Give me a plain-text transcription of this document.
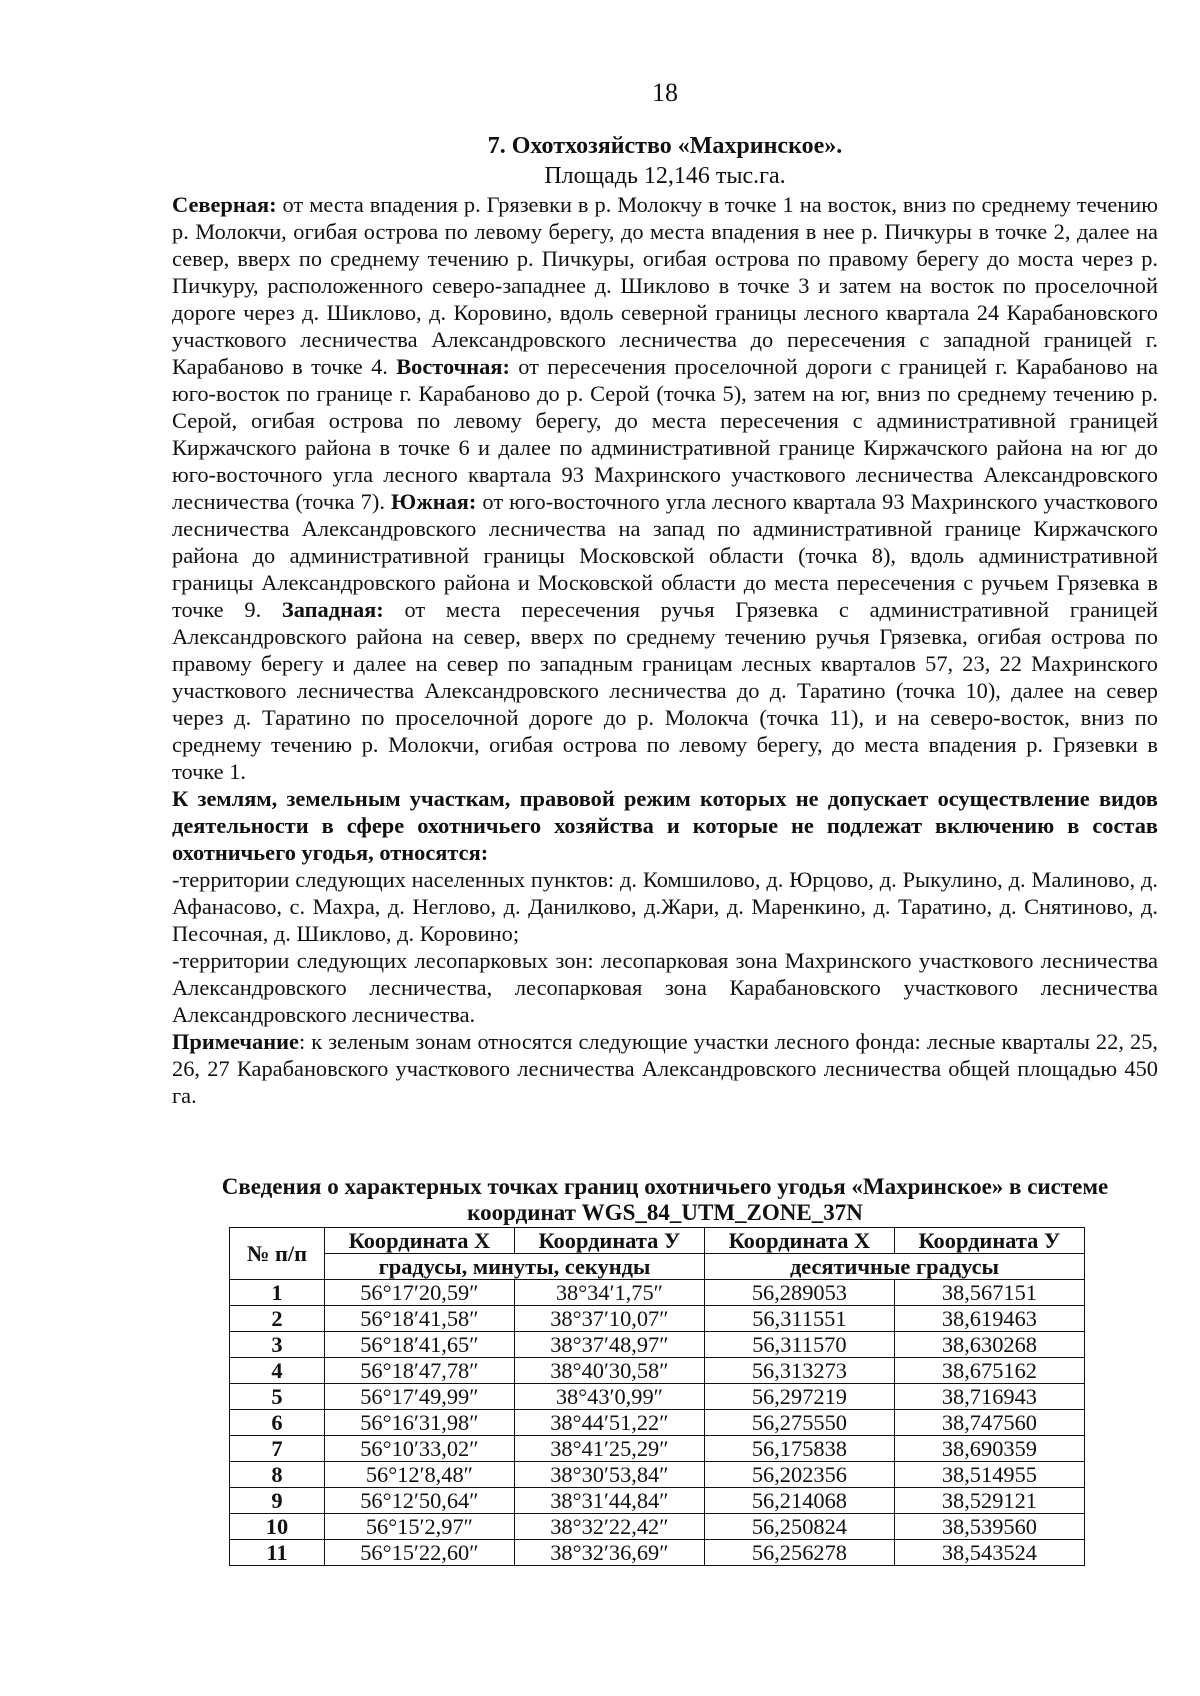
18
7. Охотхозяйство «Махринское».
Площадь 12,146 тыс.га.

Северная: от места впадения р. Грязевки в р. Молокчу в точке 1 на восток, вниз по среднему течению р. Молокчи, огибая острова по левому берегу, до места впадения в нее р. Пичкуры в точке 2, далее на север, вверх по среднему течению р. Пичкуры, огибая острова по правому берегу до моста через р. Пичкуру, расположенного северо-западнее д. Шиклово в точке 3 и затем на восток по проселочной дороге через д. Шиклово, д. Коровино, вдоль северной границы лесного квартала 24 Карабановского участкового лесничества Александровского лесничества до пересечения с западной границей г. Карабаново в точке 4. Восточная: от пересечения проселочной дороги с границей г. Карабаново на юго-восток по границе г. Карабаново до р. Серой (точка 5), затем на юг, вниз по среднему течению р. Серой, огибая острова по левому берегу, до места пересечения с административной границей Киржачского района в точке 6 и далее по административной границе Киржачского района на юг до юго-восточного угла лесного квартала 93 Махринского участкового лесничества Александровского лесничества (точка 7). Южная: от юго-восточного угла лесного квартала 93 Махринского участкового лесничества Александровского лесничества на запад по административной границе Киржачского района до административной границы Московской области (точка 8), вдоль административной границы Александровского района и Московской области до места пересечения с ручьем Грязевка в точке 9. Западная: от места пересечения ручья Грязевка с административной границей Александровского района на север, вверх по среднему течению ручья Грязевка, огибая острова по правому берегу и далее на север по западным границам лесных кварталов 57, 23, 22 Махринского участкового лесничества Александровского лесничества до д. Таратино (точка 10), далее на север через д. Таратино по проселочной дороге до р. Молокча (точка 11), и на северо-восток, вниз по среднему течению р. Молокчи, огибая острова по левому берегу, до места впадения р. Грязевки в точке 1.

К землям, земельным участкам, правовой режим которых не допускает осуществление видов деятельности в сфере охотничьего хозяйства и которые не подлежат включению в состав охотничьего угодья, относятся:

-территории следующих населенных пунктов: д. Комшилово, д. Юрцово, д. Рыкулино, д. Малиново, д. Афанасово, с. Махра, д. Неглово, д. Данилково, д.Жари, д. Маренкино, д. Таратино, д. Снятиново, д. Песочная, д. Шиклово, д. Коровино;

-территории следующих лесопарковых зон: лесопарковая зона Махринского участкового лесничества Александровского лесничества, лесопарковая зона Карабановского участкового лесничества Александровского лесничества.

Примечание: к зеленым зонам относятся следующие участки лесного фонда: лесные кварталы 22, 25, 26, 27 Карабановского участкового лесничества Александровского лесничества общей площадью 450 га.

Сведения о характерных точках границ охотничьего угодья «Махринское» в системе
координат WGS_84_UTM_ZONE_37N
№ п/п	Координата X	Координата У	Координата X	Координата У
	градусы, минуты, секунды		десятичные градусы	
1	56°17′20,59″	38°34′1,75″	56,289053	38,567151
2	56°18′41,58″	38°37′10,07″	56,311551	38,619463
3	56°18′41,65″	38°37′48,97″	56,311570	38,630268
4	56°18′47,78″	38°40′30,58″	56,313273	38,675162
5	56°17′49,99″	38°43′0,99″	56,297219	38,716943
6	56°16′31,98″	38°44′51,22″	56,275550	38,747560
7	56°10′33,02″	38°41′25,29″	56,175838	38,690359
8	56°12′8,48″	38°30′53,84″	56,202356	38,514955
9	56°12′50,64″	38°31′44,84″	56,214068	38,529121
10	56°15′2,97″	38°32′22,42″	56,250824	38,539560
11	56°15′22,60″	38°32′36,69″	56,256278	38,543524
